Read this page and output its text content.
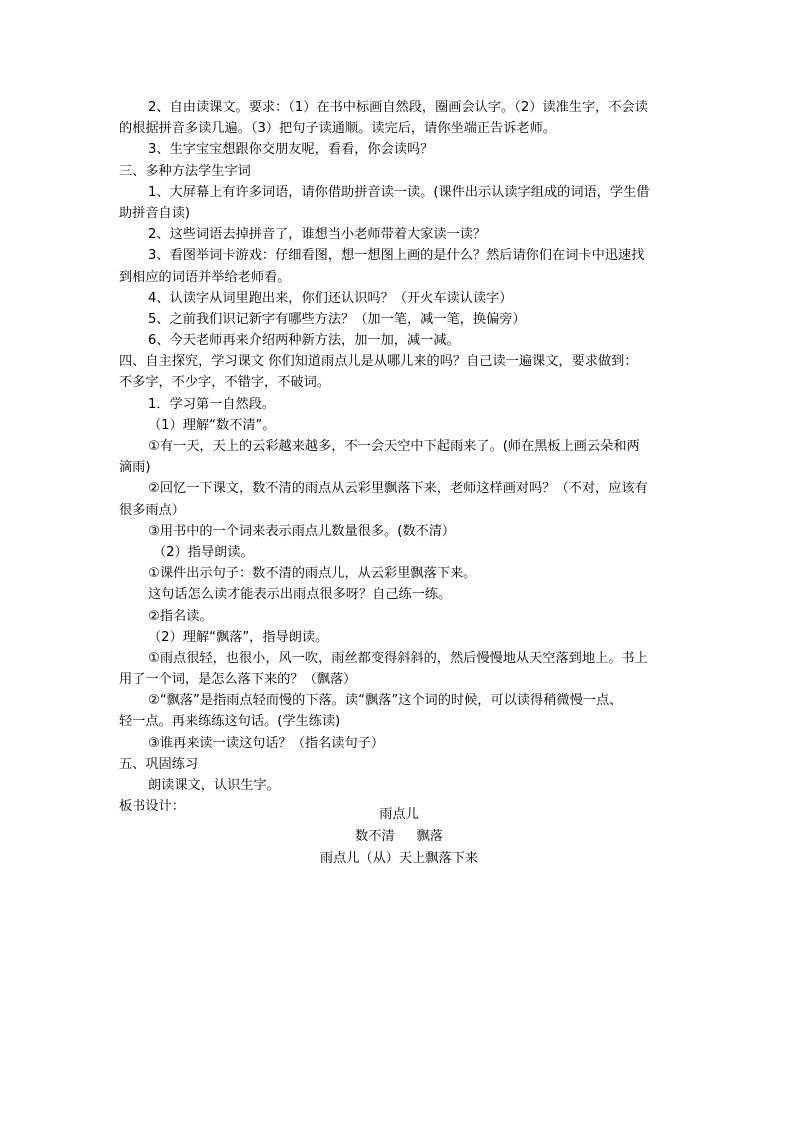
2、自由读课文。要求：（1）在书中标画自然段，圈画会认字。（2）读准生字，不会读
的根据拼音多读几遍。（3）把句子读通顺。读完后，请你坐端正告诉老师。
3、生字宝宝想跟你交朋友呢，看看，你会读吗？
三、多种方法学生字词
1、大屏幕上有许多词语，请你借助拼音读一读。(课件出示认读字组成的词语，学生借
助拼音自读)
2、这些词语去掉拼音了，谁想当小老师带着大家读一读？
3、看图举词卡游戏：仔细看图，想一想图上画的是什么？然后请你们在词卡中迅速找
到相应的词语并举给老师看。
4、认读字从词里跑出来，你们还认识吗？（开火车读认读字）
5、之前我们识记新字有哪些方法？（加一笔，减一笔，换偏旁）
6、今天老师再来介绍两种新方法，加一加，减一减。
四、自主探究，学习课文 你们知道雨点儿是从哪儿来的吗？自己读一遍课文，要求做到：
不多字，不少字，不错字，不破词。
1．学习第一自然段。
（1）理解“数不清”。
①有一天，天上的云彩越来越多，不一会天空中下起雨来了。(师在黑板上画云朵和两
滴雨)
②回忆一下课文，数不清的雨点从云彩里飘落下来，老师这样画对吗？（不对，应该有
很多雨点）
③用书中的一个词来表示雨点儿数量很多。(数不清）
（2）指导朗读。
①课件出示句子：数不清的雨点儿，从云彩里飘落下来。
这句话怎么读才能表示出雨点很多呀？自己练一练。
②指名读。
（2）理解“飘落”，指导朗读。
①雨点很轻，也很小，风一吹，雨丝都变得斜斜的，然后慢慢地从天空落到地上。书上
用了一个词，是怎么落下来的？（飘落）
②“飘落”是指雨点轻而慢的下落。读“飘落”这个词的时候，可以读得稍微慢一点、
轻一点。再来练练这句话。(学生练读)
③谁再来读一读这句话？（指名读句子）
五、巩固练习
朗读课文，认识生字。
板书设计：
雨点儿
数不清 飘落
雨点儿（从）天上飘落下来
